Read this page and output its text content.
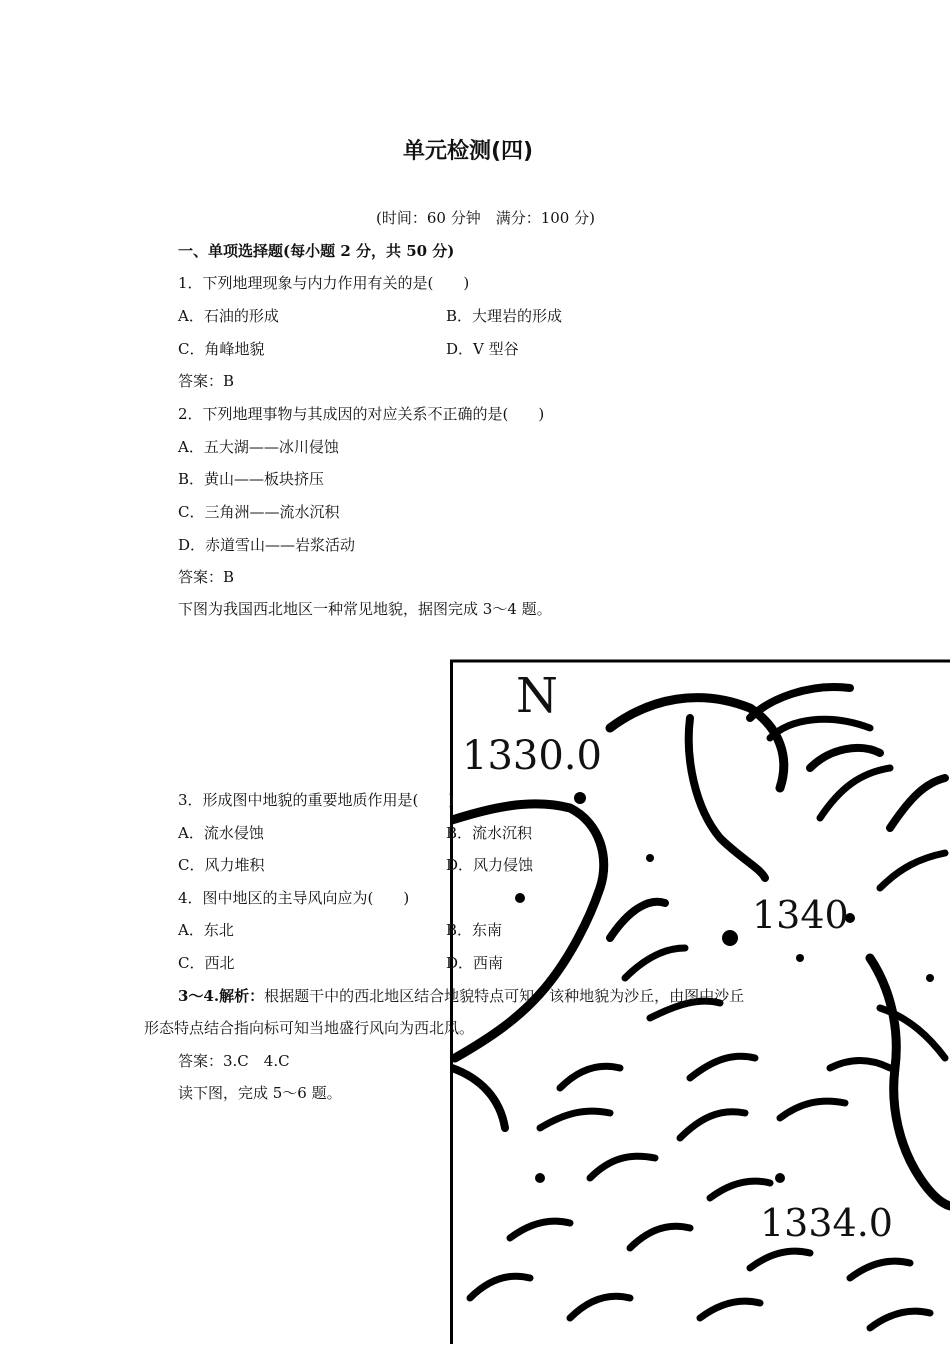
单元检测(四)
(时间：60 分钟　满分：100 分)
一、单项选择题(每小题 2 分，共 50 分)
1．下列地理现象与内力作用有关的是(　　)
A．石油的形成	B．大理岩的形成
C．角峰地貌	D．V 型谷
答案：B
2．下列地理事物与其成因的对应关系不正确的是(　　)
A．五大湖——冰川侵蚀
B．黄山——板块挤压
C．三角洲——流水沉积
D．赤道雪山——岩浆活动
答案：B
下图为我国西北地区一种常见地貌，据图完成 3～4 题。
N
1330.0
1340
1334.0
3．形成图中地貌的重要地质作用是(　　)
A．流水侵蚀	B．流水沉积
C．风力堆积	D．风力侵蚀
4．图中地区的主导风向应为(　　)
A．东北	B．东南
C．西北	D．西南
3～4.解析：根据题干中的西北地区结合地貌特点可知，该种地貌为沙丘，由图中沙丘
形态特点结合指向标可知当地盛行风向为西北风。
答案：3.C　4.C
读下图，完成 5～6 题。
